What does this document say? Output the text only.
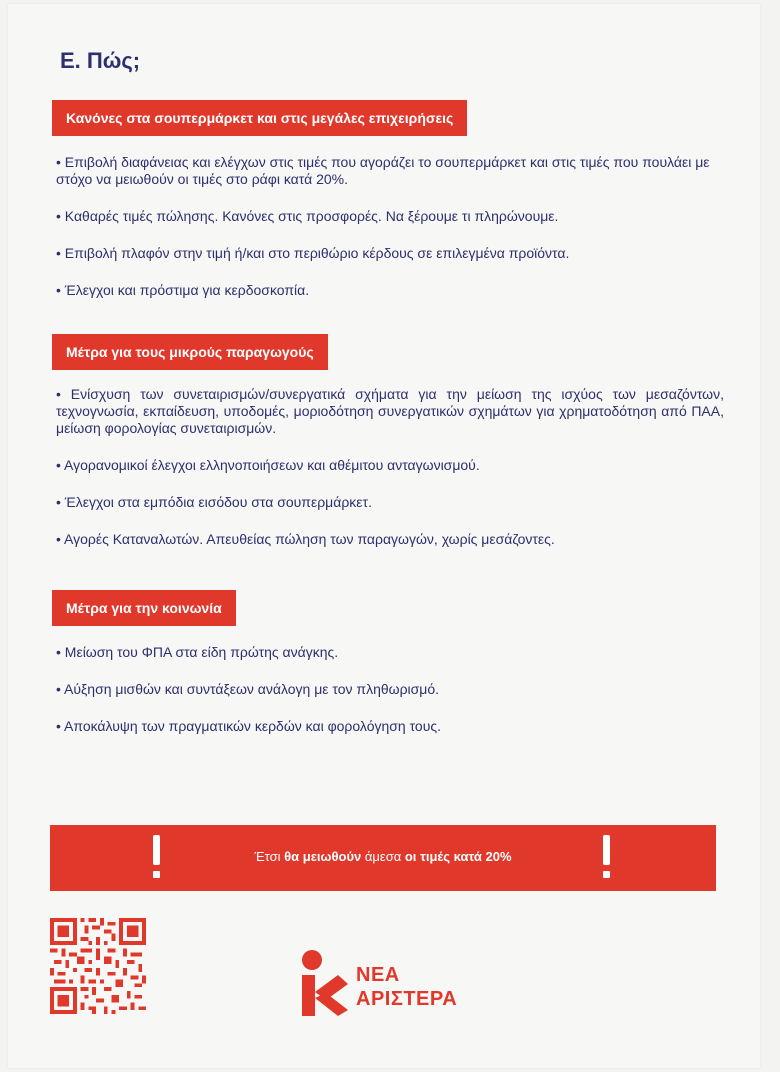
Ε. Πώς;
Κανόνες στα σουπερμάρκετ και στις μεγάλες επιχειρήσεις
• Επιβολή διαφάνειας και ελέγχων στις τιμές που αγοράζει το σουπερμάρκετ και στις τιμές που πουλάει με στόχο να μειωθούν οι τιμές στο ράφι κατά 20%.
• Καθαρές τιμές πώλησης. Κανόνες στις προσφορές. Να ξέρουμε τι πληρώνουμε.
• Επιβολή πλαφόν στην τιμή ή/και στο περιθώριο κέρδους σε επιλεγμένα προϊόντα.
• Έλεγχοι και πρόστιμα για κερδοσκοπία.
Μέτρα για τους μικρούς παραγωγούς
• Ενίσχυση των συνεταιρισμών/συνεργατικά σχήματα για την μείωση της ισχύος των μεσαζόντων, τεχνογνωσία, εκπαίδευση, υποδομές, μοριοδότηση συνεργατικών σχημάτων για χρηματοδότηση από ΠΑΑ, μείωση φορολογίας συνεταιρισμών.
• Αγορανομικοί έλεγχοι ελληνοποιήσεων και αθέμιτου ανταγωνισμού.
• Έλεγχοι στα εμπόδια εισόδου στα σουπερμάρκετ.
• Αγορές Καταναλωτών. Απευθείας πώληση των παραγωγών, χωρίς μεσάζοντες.
Μέτρα για την κοινωνία
• Μείωση του ΦΠΑ στα είδη πρώτης ανάγκης.
• Αύξηση μισθών και συντάξεων ανάλογη με τον πληθωρισμό.
• Αποκάλυψη των πραγματικών κερδών και φορολόγηση τους.
Έτσι θα μειωθούν άμεσα οι τιμές κατά 20%
ΝΕΑ
ΑΡΙΣΤΕΡΑ
